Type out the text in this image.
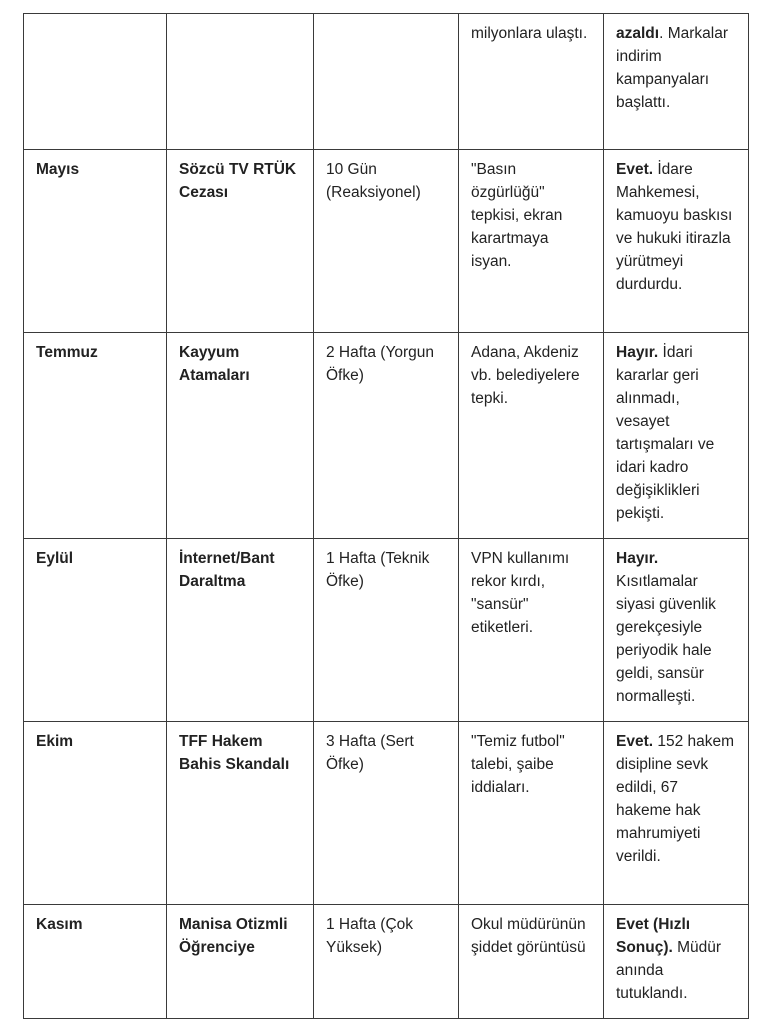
			milyonlara ulaştı.	azaldı. Markalar indirim kampanyaları başlattı.
Mayıs	Sözcü TV RTÜK Cezası	10 Gün (Reaksiyonel)	"Basın özgürlüğü" tepkisi, ekran karartmaya isyan.	Evet. İdare Mahkemesi, kamuoyu baskısı ve hukuki itirazla yürütmeyi durdurdu.
Temmuz	Kayyum Atamaları	2 Hafta (Yorgun Öfke)	Adana, Akdeniz vb. belediyelere tepki.	Hayır. İdari kararlar geri alınmadı, vesayet tartışmaları ve idari kadro değişiklikleri pekişti.
Eylül	İnternet/Bant Daraltma	1 Hafta (Teknik Öfke)	VPN kullanımı rekor kırdı, "sansür" etiketleri.	Hayır. Kısıtlamalar siyasi güvenlik gerekçesiyle periyodik hale geldi, sansür normalleşti.
Ekim	TFF Hakem Bahis Skandalı	3 Hafta (Sert Öfke)	"Temiz futbol" talebi, şaibe iddiaları.	Evet. 152 hakem disipline sevk edildi, 67 hakeme hak mahrumiyeti verildi.
Kasım	Manisa Otizmli Öğrenciye	1 Hafta (Çok Yüksek)	Okul müdürünün şiddet görüntüsü	Evet (Hızlı Sonuç). Müdür anında tutuklandı.
